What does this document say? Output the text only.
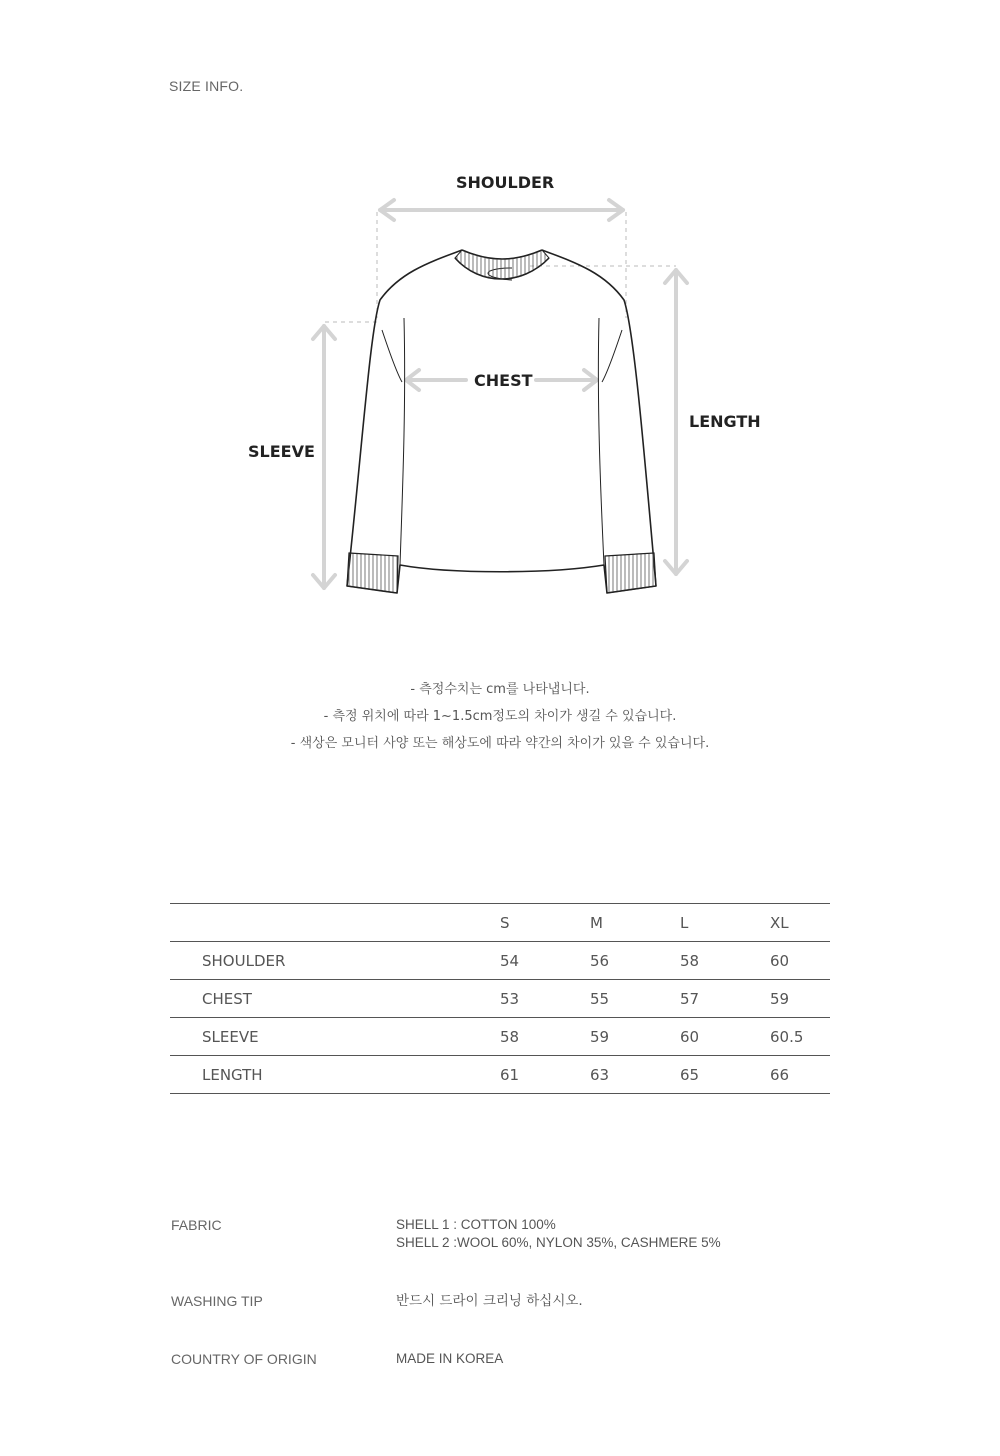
SIZE INFO.
SHOULDER
CHEST
LENGTH
SLEEVE
- 측정수치는 cm를 나타냅니다.
- 측정 위치에 따라 1~1.5cm정도의 차이가 생길 수 있습니다.
- 색상은 모니터 사양 또는 해상도에 따라 약간의 차이가 있을 수 있습니다.
	S	M	L	XL
SHOULDER	54	56	58	60
CHEST	53	55	57	59
SLEEVE	58	59	60	60.5
LENGTH	61	63	65	66
FABRIC	SHELL 1 : COTTON 100%
SHELL 2 :WOOL 60%, NYLON 35%, CASHMERE 5%
WASHING TIP	반드시 드라이 크리닝 하십시오.
COUNTRY OF ORIGIN	MADE IN KOREA
